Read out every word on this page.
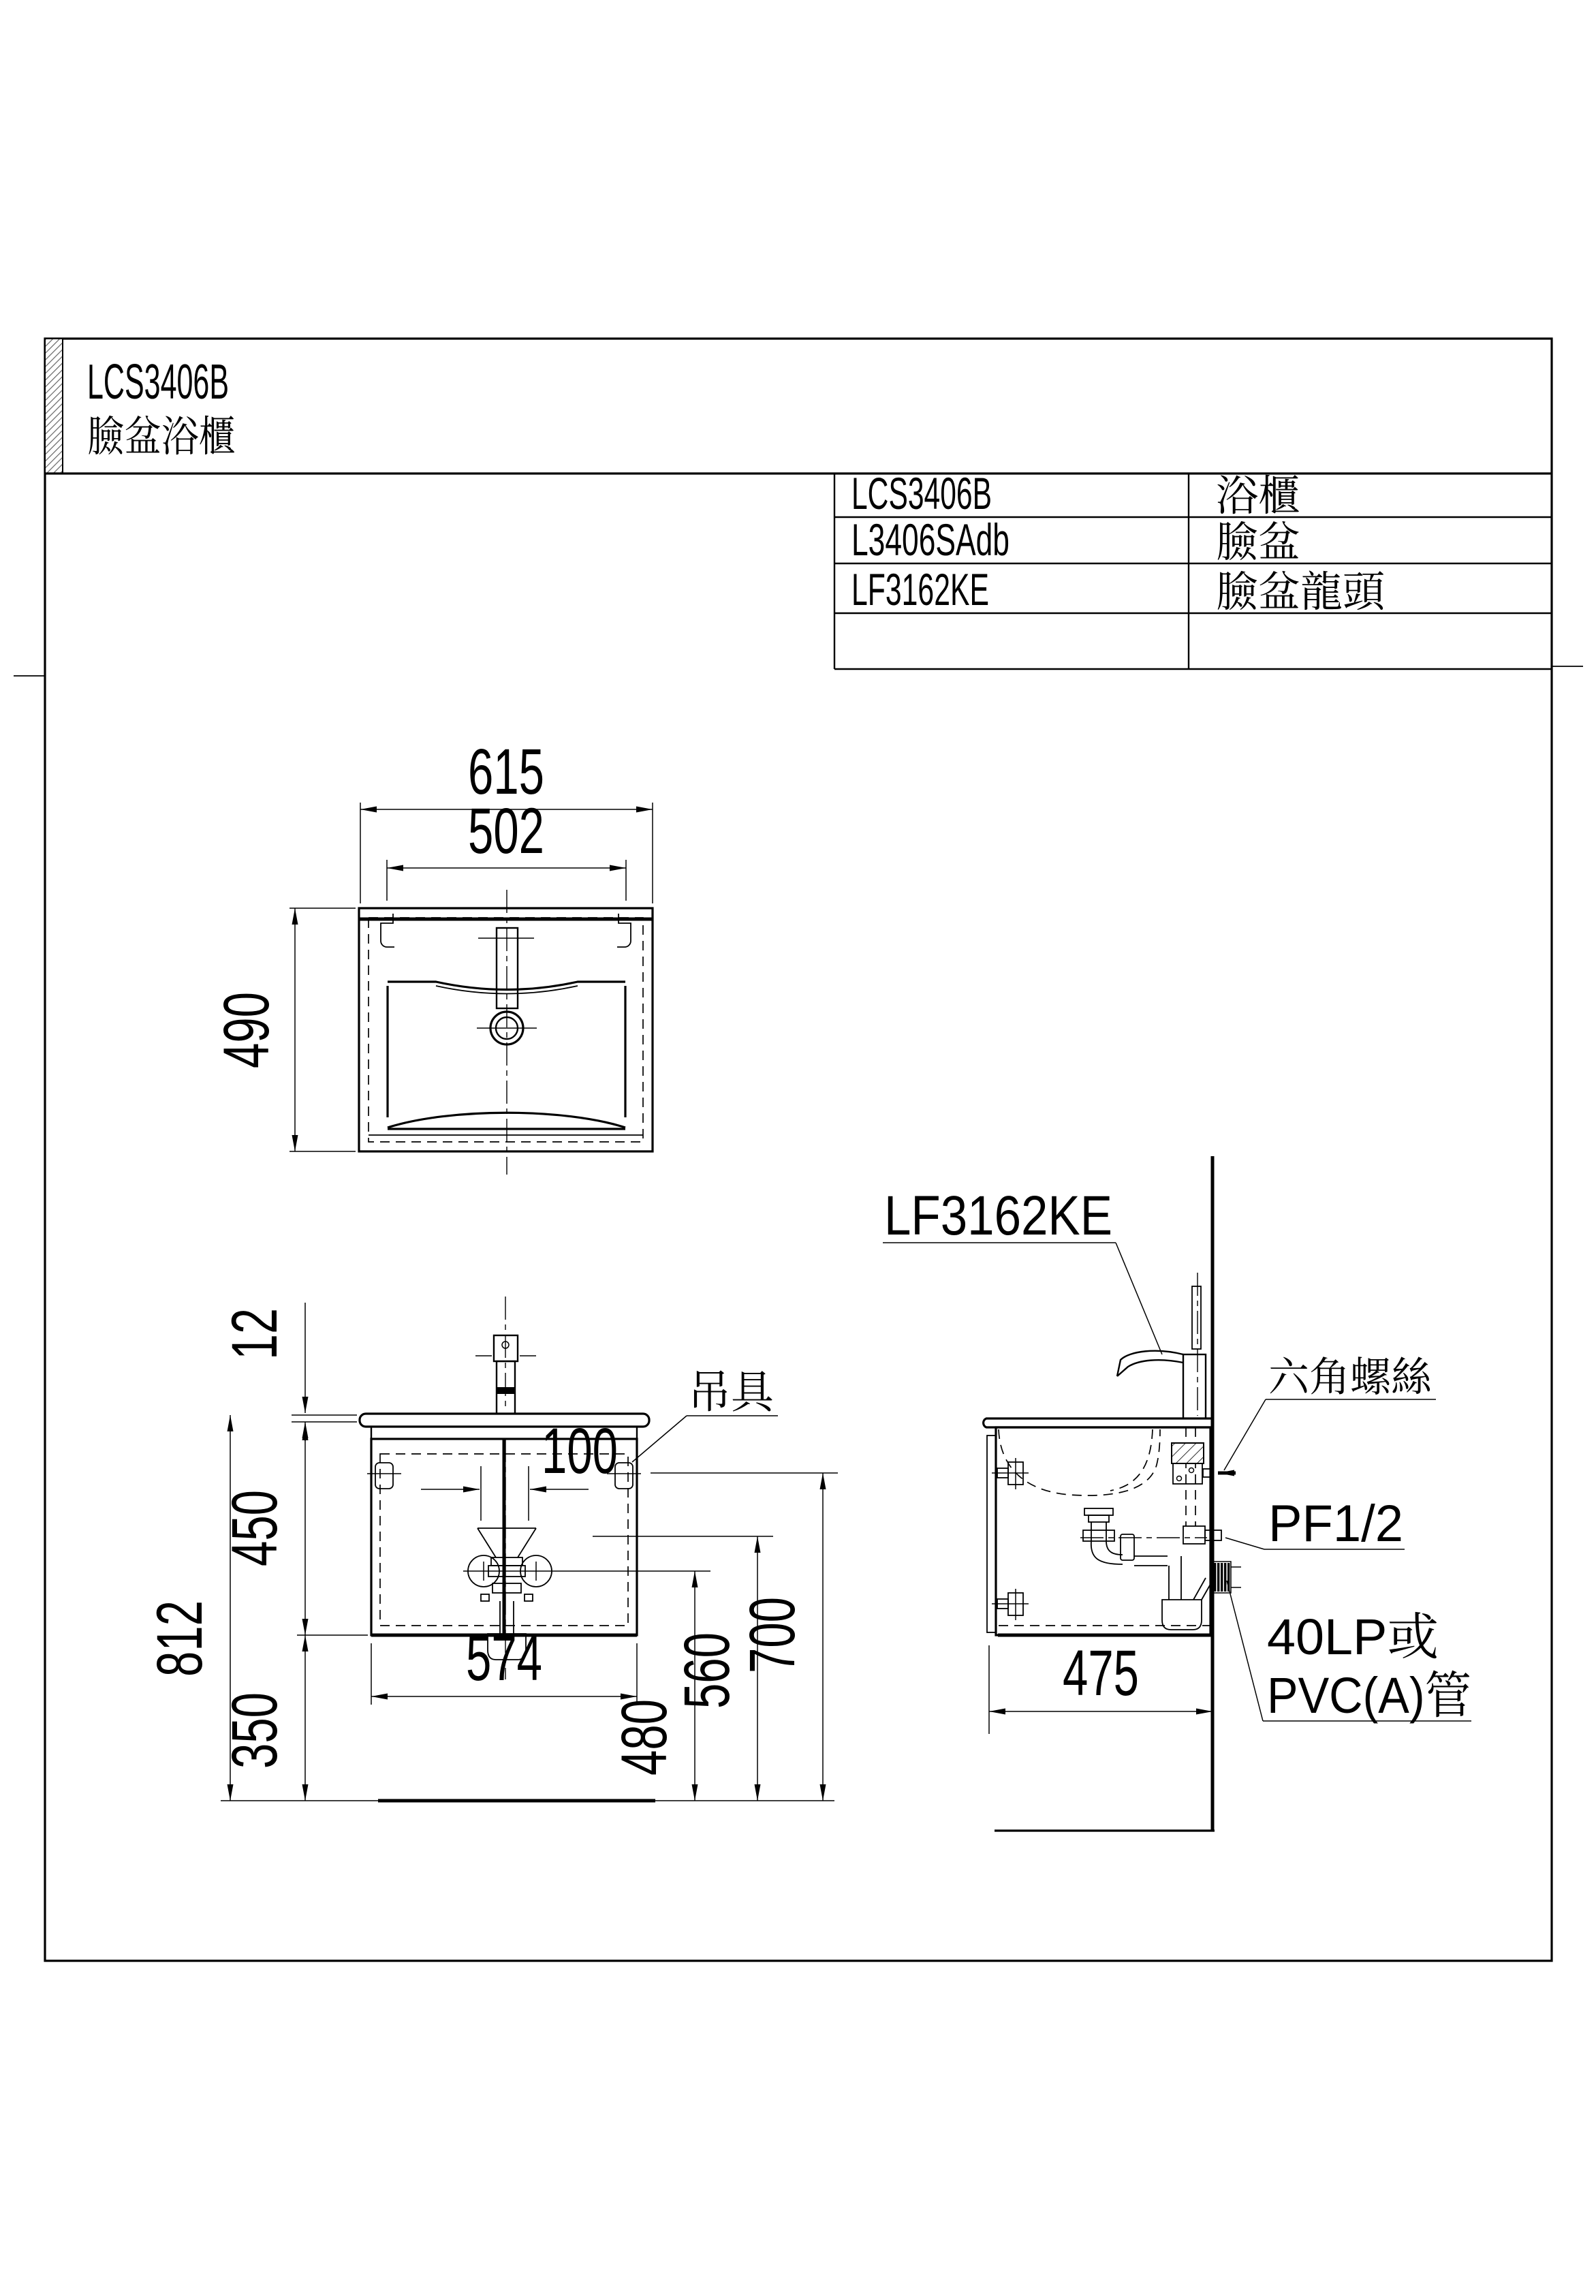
LCS3406B
臉盆浴櫃
LCS3406B	浴櫃
L3406SAdb	臉盆
LF3162KE	臉盆龍頭
615
502
490
吊具
100
12
450
350
812	574
480
560
700
LF3162KE
六角螺絲
PF1/2
40LP或
PVC(A)管
475
